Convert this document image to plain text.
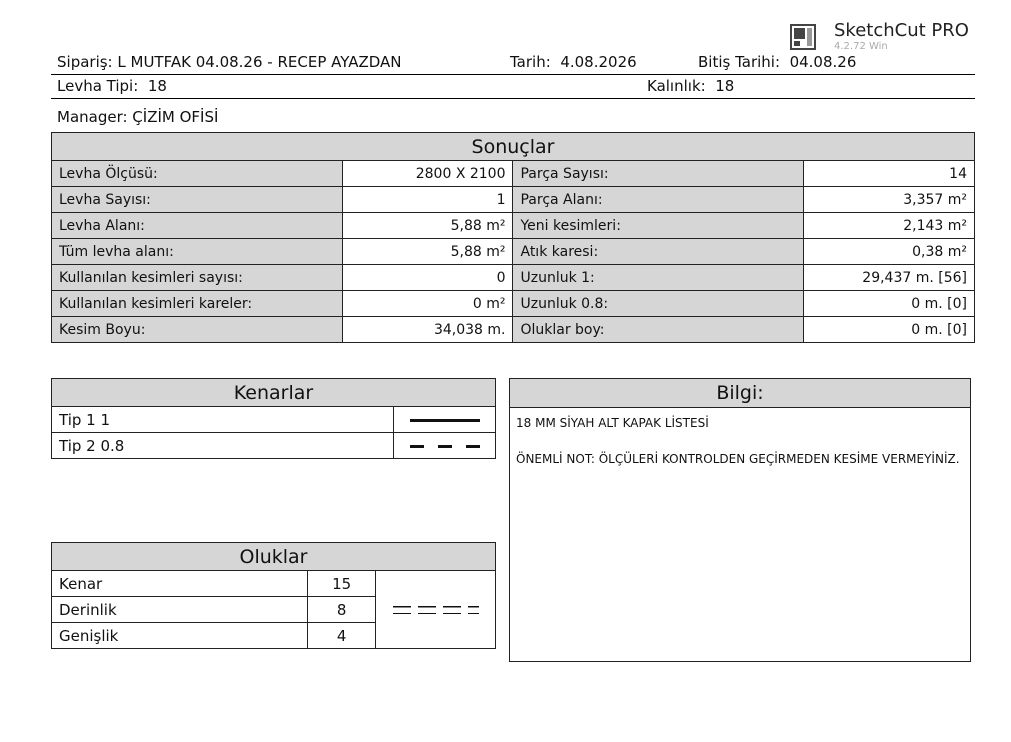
SketchCut PRO
4.2.72 Win
Sipariş: L MUTFAK 04.08.26 - RECEP AYAZDAN	Tarih: 4.08.2026	Bitiş Tarihi: 04.08.26
Levha Tipi: 18	Kalınlık: 18
Manager: ÇİZİM OFİSİ
Sonuçlar			
Levha Ölçüsü:	2800 X 2100	Parça Sayısı:	14
Levha Sayısı:	1	Parça Alanı:	3,357 m²
Levha Alanı:	5,88 m²	Yeni kesimleri:	2,143 m²
Tüm levha alanı:	5,88 m²	Atık karesi:	0,38 m²
Kullanılan kesimleri sayısı:	0	Uzunluk 1:	29,437 m. [56]
Kullanılan kesimleri kareler:	0 m²	Uzunluk 0.8:	0 m. [0]
Kesim Boyu:	34,038 m.	Oluklar boy:	0 m. [0]
Kenarlar	
Tip 1 1	
Tip 2 0.8	
Bilgi:

18 MM SİYAH ALT KAPAK LİSTESİ

ÖNEMLİ NOT: ÖLÇÜLERİ KONTROLDEN GEÇİRMEDEN KESİME VERMEYİNİZ.

Oluklar		
Kenar	15	
Derinlik	8	
Genişlik	4	
